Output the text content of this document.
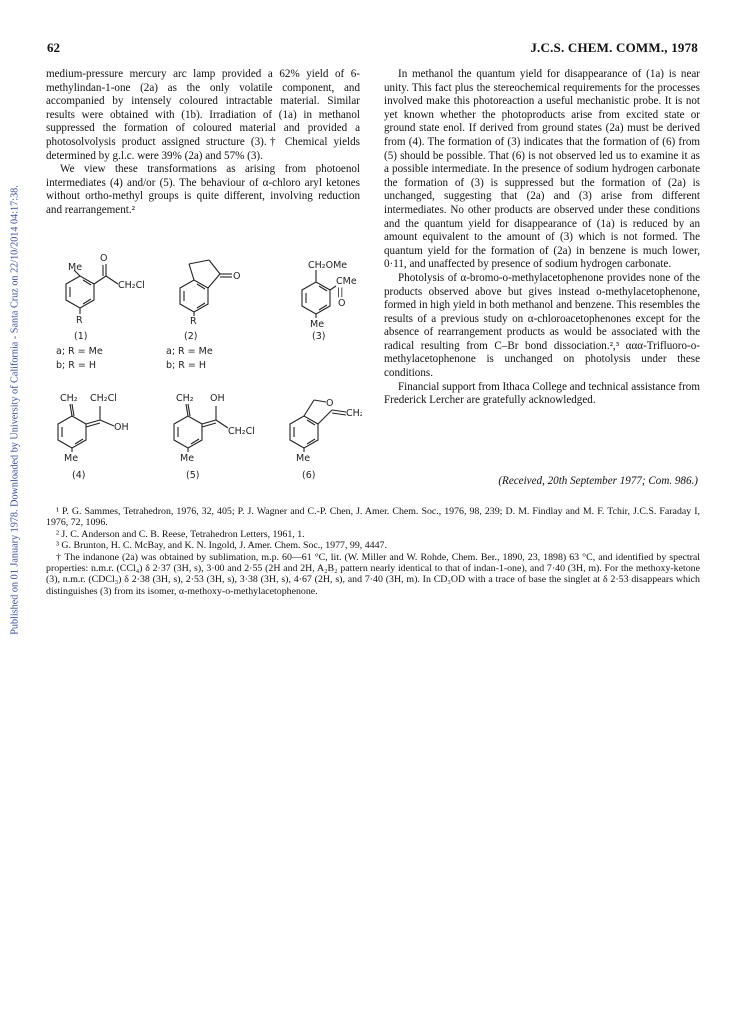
Published on 01 January 1978. Downloaded by University of California - Santa Cruz on 22/10/2014 04:17:38.
62	J.C.S. CHEM. COMM., 1978

medium-pressure mercury arc lamp provided a 62% yield of 6-methylindan-1-one (2a) as the only volatile component, and accompanied by intensely coloured intractable material. Similar results were obtained with (1b). Irradiation of (1a) in methanol suppressed the formation of coloured material and provided a photosolvolysis product assigned structure (3).† Chemical yields determined by g.l.c. were 39% (2a) and 57% (3).

We view these transformations as arising from photoenol intermediates (4) and/or (5). The behaviour of α-chloro aryl ketones without ortho-methyl groups is quite different, involving reduction and rearrangement.²

Me
O
CH₂Cl
R
(1)
a; R = Me
b; R = H
O
R
(2)
a; R = Me
b; R = H
CH₂OMe
CMe
||
O
Me
(3)
CH₂ CH₂Cl
OH
Me
(4)
CH₂ OH
CH₂Cl
Me
(5)
O
CH₂
Me
(6)

In methanol the quantum yield for disappearance of (1a) is near unity. This fact plus the stereochemical requirements for the processes involved make this photoreaction a useful mechanistic probe. It is not yet known whether the photoproducts arise from excited state or ground state enol. If derived from ground states (2a) must be derived from (4). The formation of (3) indicates that the formation of (6) from (5) should be possible. That (6) is not observed led us to examine it as a possible intermediate. In the presence of sodium hydrogen carbonate the formation of (3) is suppressed but the formation of (2a) is unchanged, suggesting that (2a) and (3) arise from different intermediates. No other products are observed under these conditions and the quantum yield for disappearance of (1a) is reduced by an amount equivalent to the amount of (3) which is not formed. The quantum yield for the formation of (2a) in benzene is much lower, 0·11, and unaffected by presence of sodium hydrogen carbonate.

Photolysis of α-bromo-o-methylacetophenone provides none of the products observed above but gives instead o-methylacetophenone, formed in high yield in both methanol and benzene. This resembles the results of a previous study on α-chloroacetophenones except for the absence of rearrangement products as would be associated with the radical resulting from C–Br bond dissociation.²,³ ααα-Trifluoro-o-methylacetophenone is unchanged on photolysis under these conditions.

Financial support from Ithaca College and technical assistance from Frederick Lercher are gratefully acknowledged.

(Received, 20th September 1977; Com. 986.)

¹ P. G. Sammes, Tetrahedron, 1976, 32, 405; P. J. Wagner and C.-P. Chen, J. Amer. Chem. Soc., 1976, 98, 239; D. M. Findlay and M. F. Tchir, J.C.S. Faraday I, 1976, 72, 1096.

² J. C. Anderson and C. B. Reese, Tetrahedron Letters, 1961, 1.

³ G. Brunton, H. C. McBay, and K. N. Ingold, J. Amer. Chem. Soc., 1977, 99, 4447.

† The indanone (2a) was obtained by sublimation, m.p. 60—61 °C, lit. (W. Miller and W. Rohde, Chem. Ber., 1890, 23, 1898) 63 °C, and identified by spectral properties: n.m.r. (CCl₄) δ 2·37 (3H, s), 3·00 and 2·55 (2H and 2H, A₂B₂ pattern nearly identical to that of indan-1-one), and 7·40 (3H, m). For the methoxy-ketone (3), n.m.r. (CDCl₃) δ 2·38 (3H, s), 2·53 (3H, s), 3·38 (3H, s), 4·67 (2H, s), and 7·40 (3H, m). In CD₃OD with a trace of base the singlet at δ 2·53 disappears which distinguishes (3) from its isomer, α-methoxy-o-methylacetophenone.
